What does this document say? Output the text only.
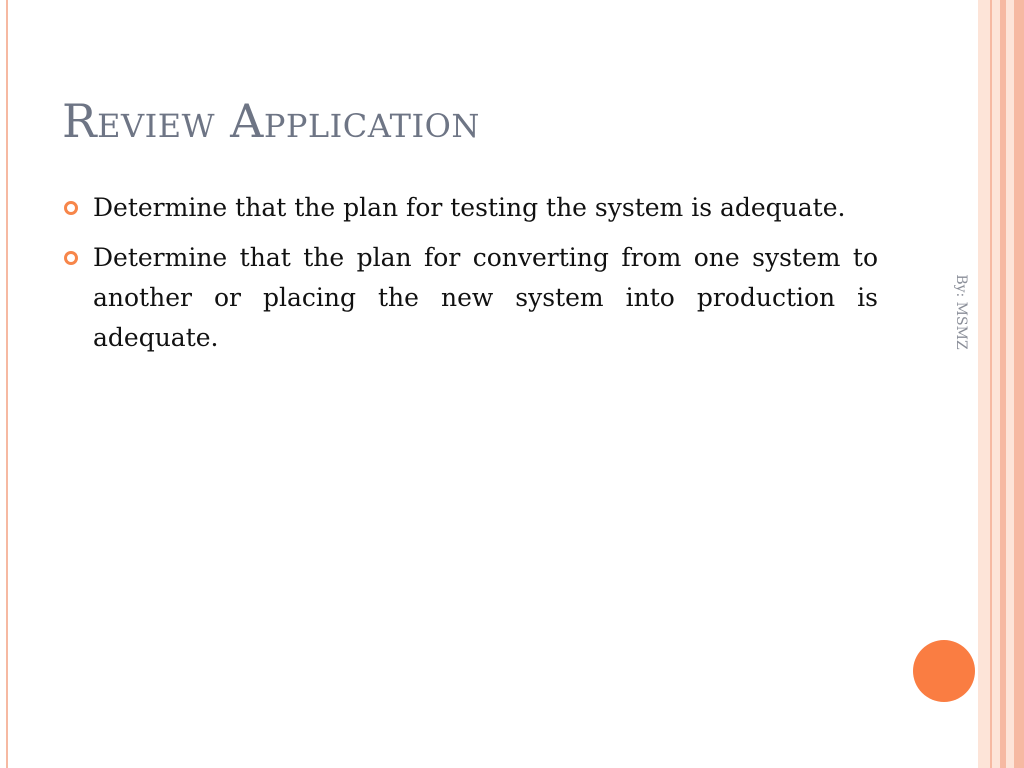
Review Application
Determine that the plan for testing the system is adequate.
Determine that the plan for converting from one system to another or placing the new system into production is adequate.	By: MSMZ
